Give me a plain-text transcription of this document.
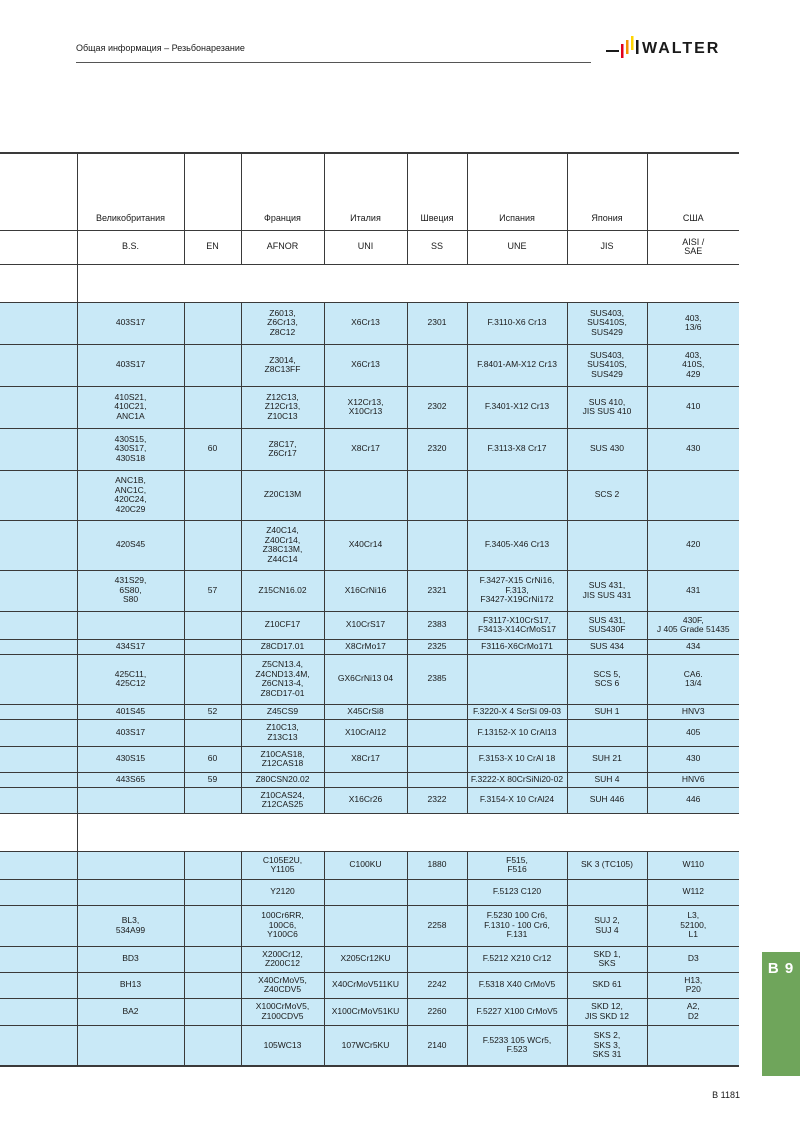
Общая информация – Резьбонарезание	WALTER
	Великобритания		Франция	Италия	Швеция	Испания	Япония	США
	B.S.	EN	AFNOR	UNI	SS	UNE	JIS	AISI /
SAE

	403S17		Z6013,
Z6Cr13,
Z8C12	X6Cr13	2301	F.3110-X6 Cr13	SUS403,
SUS410S,
SUS429	403,
13/6
	403S17		Z3014,
Z8C13FF	X6Cr13		F.8401-AM-X12 Cr13	SUS403,
SUS410S,
SUS429	403,
410S,
429
	410S21,
410C21,
ANC1A		Z12C13,
Z12Cr13,
Z10C13	X12Cr13,
X10Cr13	2302	F.3401-X12 Cr13	SUS 410,
JIS SUS 410	410
	430S15,
430S17,
430S18	60	Z8C17,
Z6Cr17	X8Cr17	2320	F.3113-X8 Cr17	SUS 430	430
	ANC1B,
ANC1C,
420C24,
420C29		Z20C13M				SCS 2	
	420S45		Z40C14,
Z40Cr14,
Z38C13M,
Z44C14	X40Cr14		F.3405-X46 Cr13		420
	431S29,
6S80,
S80	57	Z15CN16.02	X16CrNi16	2321	F.3427-X15 CrNi16,
F.313,
F3427-X19CrNi172	SUS 431,
JIS SUS 431	431
			Z10CF17	X10CrS17	2383	F3117-X10CrS17,
F3413-X14CrMoS17	SUS 431,
SUS430F	430F,
J 405 Grade 51435
	434S17		Z8CD17.01	X8CrMo17	2325	F3116-X6CrMo171	SUS 434	434
	425C11,
425C12		Z5CN13.4,
Z4CND13.4M,
Z6CN13-4,
Z8CD17-01	GX6CrNi13 04	2385		SCS 5,
SCS 6	CA6.
13/4
	401S45	52	Z45CS9	X45CrSi8		F.3220-X 4 ScrSi 09-03	SUH 1	HNV3
	403S17		Z10C13,
Z13C13	X10CrAl12		F.13152-X 10 CrAl13		405
	430S15	60	Z10CAS18,
Z12CAS18	X8Cr17		F.3153-X 10 CrAl 18	SUH 21	430
	443S65	59	Z80CSN20.02			F.3222-X 80CrSiNi20-02	SUH 4	HNV6
			Z10CAS24,
Z12CAS25	X16Cr26	2322	F.3154-X 10 CrAl24	SUH 446	446

			C105E2U,
Y1105	C100KU	1880	F515,
F516	SK 3 (TC105)	W110
			Y2120			F.5123 C120		W112
	BL3,
534A99		100Cr6RR,
100C6,
Y100C6		2258	F.5230 100 Cr6,
F.1310 - 100 Cr6,
F.131	SUJ 2,
SUJ 4	L3,
52100,
L1
	BD3		X200Cr12,
Z200C12	X205Cr12KU		F.5212 X210 Cr12	SKD 1,
SKS	D3
	BH13		X40CrMoV5,
Z40CDV5	X40CrMoV511KU	2242	F.5318 X40 CrMoV5	SKD 61	H13,
P20
	BA2		X100CrMoV5,
Z100CDV5	X100CrMoV51KU	2260	F.5227 X100 CrMoV5	SKD 12,
JIS SKD 12	A2,
D2
			105WC13	107WCr5KU	2140	F.5233 105 WCr5,
F.523	SKS 2,
SKS 3,
SKS 31	
B 9
B 1181
